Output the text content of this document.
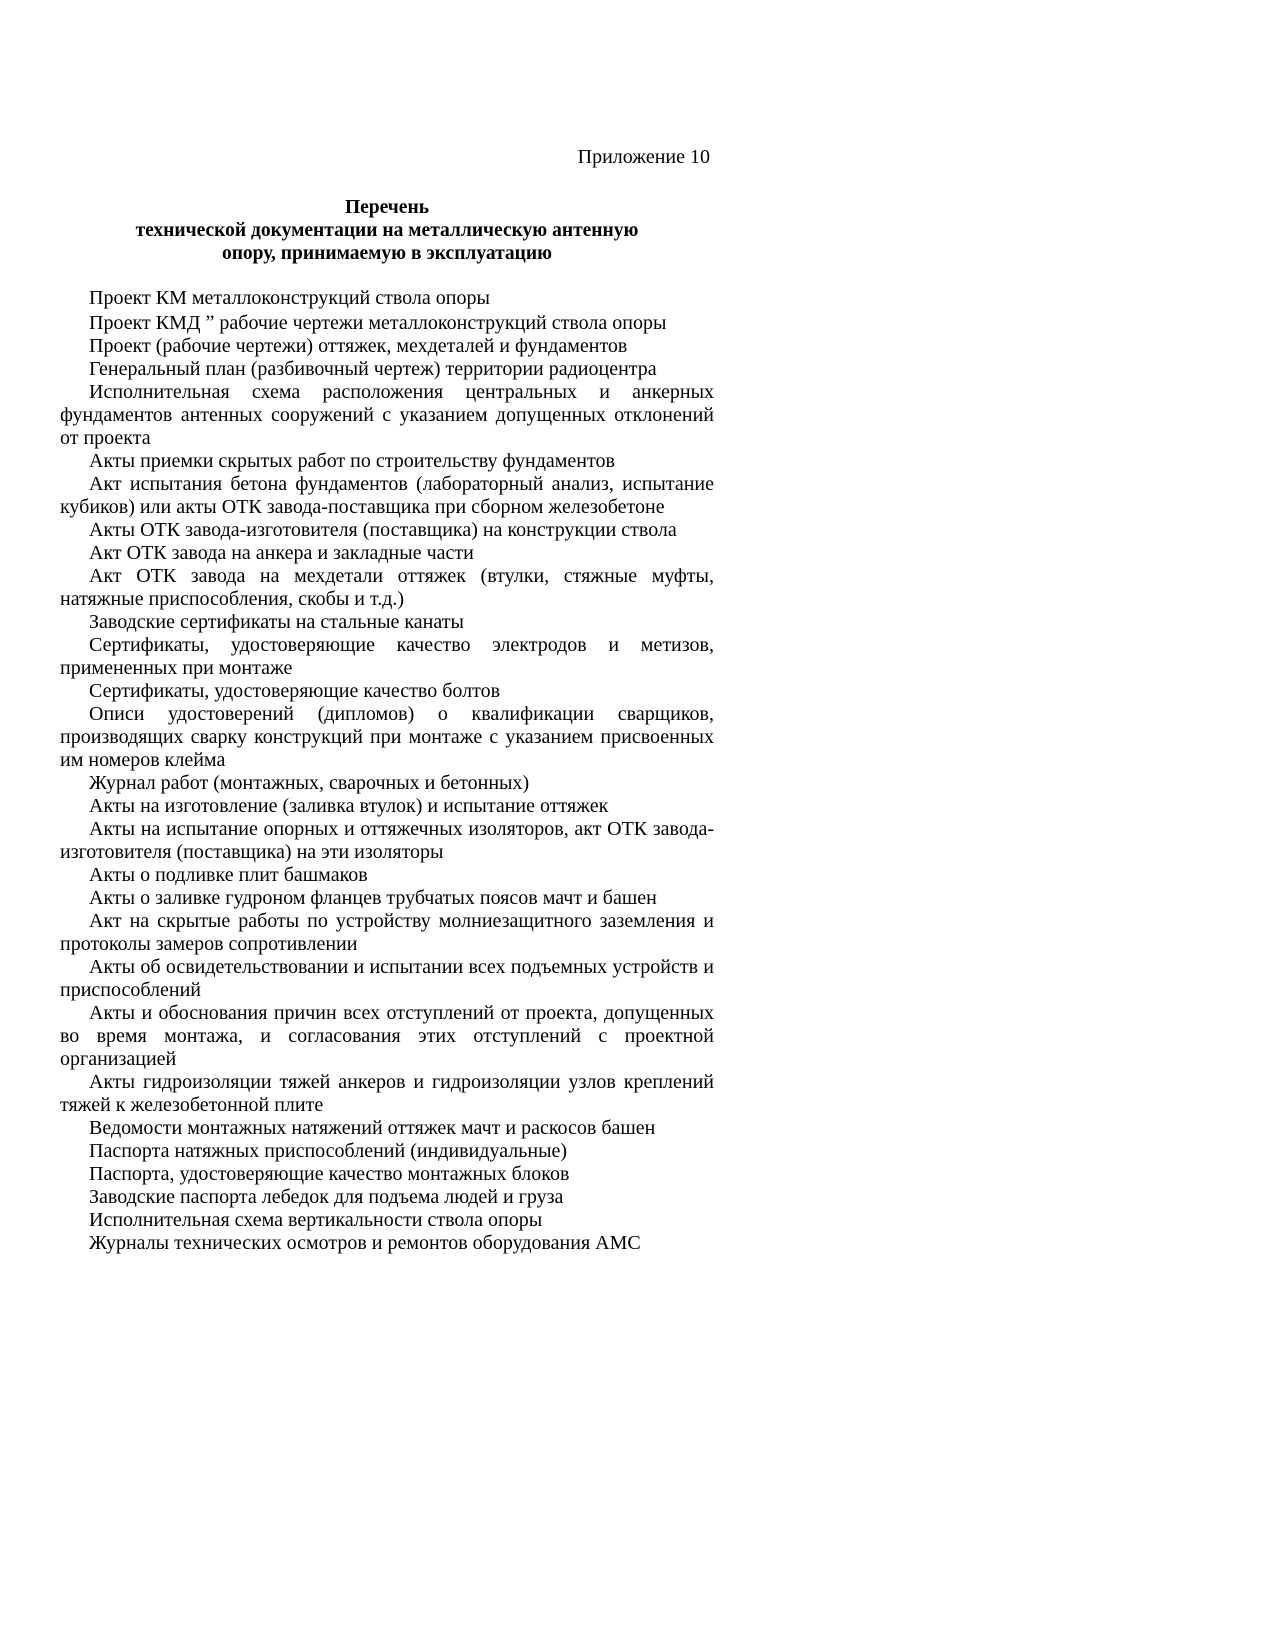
Приложение 10
Перечень
технической документации на металлическую антенную
опору, принимаемую в эксплуатацию

Проект КМ металлоконструкций ствола опоры

Проект КМД ˮ рабочие чертежи металлоконструкций ствола опоры

Проект (рабочие чертежи) оттяжек, мехдеталей и фундаментов

Генеральный план (разбивочный чертеж) территории радиоцентра

Исполнительная схема расположения центральных и анкерных фундаментов антенных сооружений с указанием допущенных отклонений от проекта

Акты приемки скрытых работ по строительству фундаментов

Акт испытания бетона фундаментов (лабораторный анализ, испытание кубиков) или акты ОТК завода-поставщика при сборном железобетоне

Акты ОТК завода-изготовителя (поставщика) на конструкции ствола

Акт ОТК завода на анкера и закладные части

Акт ОТК завода на мехдетали оттяжек (втулки, стяжные муфты, натяжные приспособления, скобы и т.д.)

Заводские сертификаты на стальные канаты

Сертификаты, удостоверяющие качество электродов и метизов, примененных при монтаже

Сертификаты, удостоверяющие качество болтов

Описи удостоверений (дипломов) о квалификации сварщиков, производящих сварку конструкций при монтаже с указанием присвоенных им номеров клейма

Журнал работ (монтажных, сварочных и бетонных)

Акты на изготовление (заливка втулок) и испытание оттяжек

Акты на испытание опорных и оттяжечных изоляторов, акт ОТК завода-изготовителя (поставщика) на эти изоляторы

Акты о подливке плит башмаков

Акты о заливке гудроном фланцев трубчатых поясов мачт и башен

Акт на скрытые работы по устройству молниезащитного заземления и протоколы замеров сопротивлении

Акты об освидетельствовании и испытании всех подъемных устройств и приспособлений

Акты и обоснования причин всех отступлений от проекта, допущенных во время монтажа, и согласования этих отступлений с проектной организацией

Акты гидроизоляции тяжей анкеров и гидроизоляции узлов креплений тяжей к железобетонной плите

Ведомости монтажных натяжений оттяжек мачт и раскосов башен

Паспорта натяжных приспособлений (индивидуальные)

Паспорта, удостоверяющие качество монтажных блоков

Заводские паспорта лебедок для подъема людей и груза

Исполнительная схема вертикальности ствола опоры

Журналы технических осмотров и ремонтов оборудования АМС
